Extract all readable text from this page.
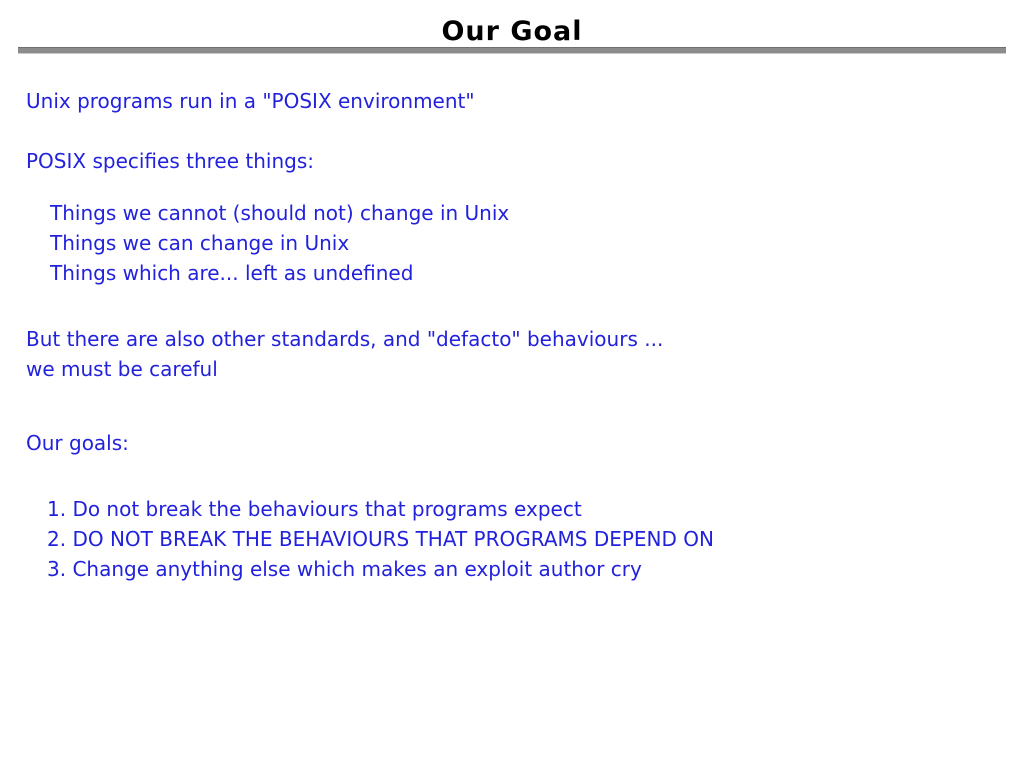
Our Goal
Unix programs run in a "POSIX environment"
POSIX specifies three things:
Things we cannot (should not) change in Unix
Things we can change in Unix
Things which are... left as undefined
But there are also other standards, and "defacto" behaviours ...
we must be careful
Our goals:
1. Do not break the behaviours that programs expect
2. DO NOT BREAK THE BEHAVIOURS THAT PROGRAMS DEPEND ON
3. Change anything else which makes an exploit author cry
